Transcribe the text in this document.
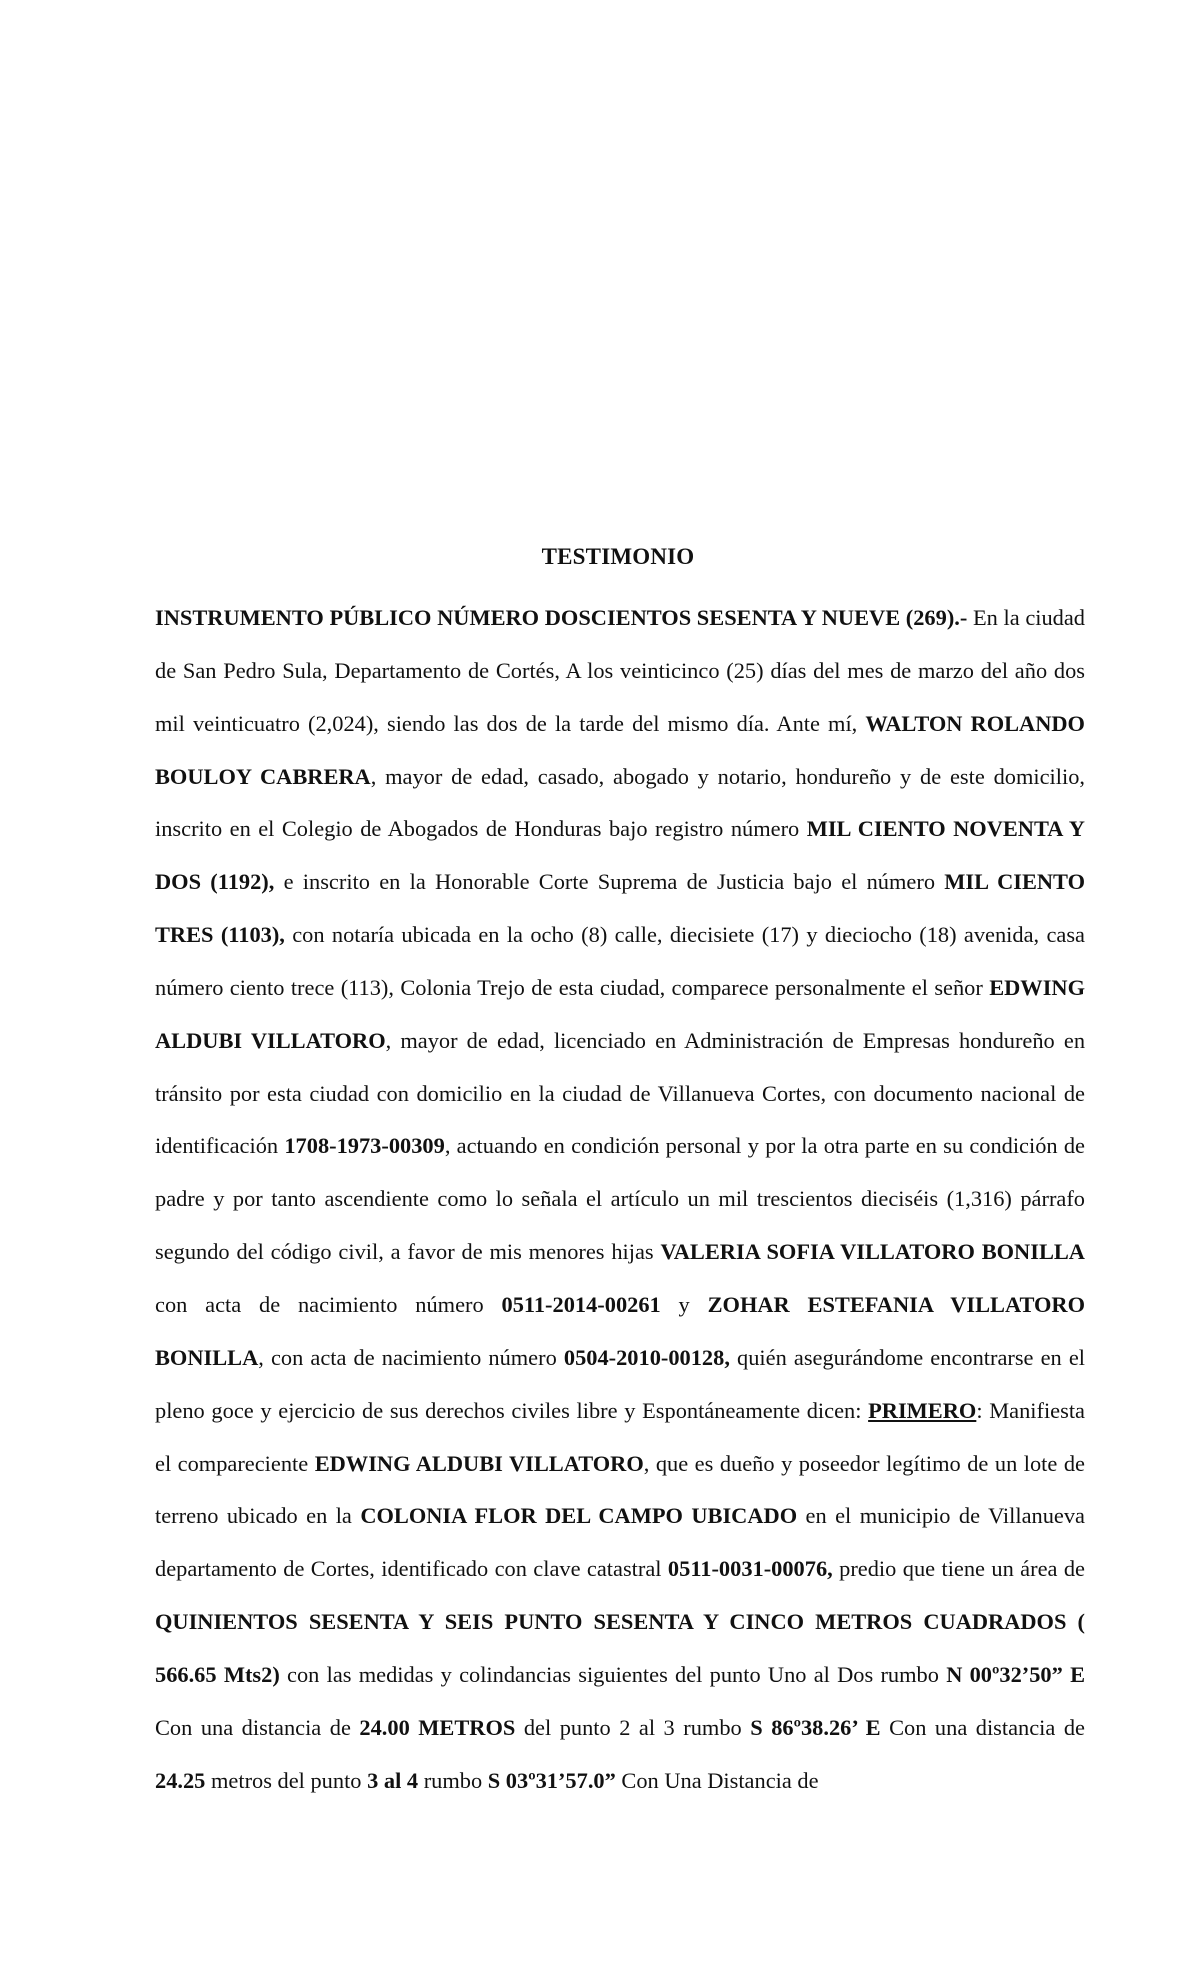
TESTIMONIO
INSTRUMENTO PÚBLICO NÚMERO DOSCIENTOS SESENTA Y NUEVE (269).- En la ciudad de San Pedro Sula, Departamento de Cortés, A los veinticinco (25) días del mes de marzo del año dos mil veinticuatro (2,024), siendo las dos de la tarde del mismo día. Ante mí, WALTON ROLANDO BOULOY CABRERA, mayor de edad, casado, abogado y notario, hondureño y de este domicilio, inscrito en el Colegio de Abogados de Honduras bajo registro número MIL CIENTO NOVENTA Y DOS (1192), e inscrito en la Honorable Corte Suprema de Justicia bajo el número MIL CIENTO TRES (1103), con notaría ubicada en la ocho (8) calle, diecisiete (17) y dieciocho (18) avenida, casa número ciento trece (113), Colonia Trejo de esta ciudad, comparece personalmente el señor EDWING ALDUBI VILLATORO, mayor de edad, licenciado en Administración de Empresas hondureño en tránsito por esta ciudad con domicilio en la ciudad de Villanueva Cortes, con documento nacional de identificación 1708-1973-00309, actuando en condición personal y por la otra parte en su condición de padre y por tanto ascendiente como lo señala el artículo un mil trescientos dieciséis (1,316) párrafo segundo del código civil, a favor de mis menores hijas VALERIA SOFIA VILLATORO BONILLA con acta de nacimiento número 0511-2014-00261 y ZOHAR ESTEFANIA VILLATORO BONILLA, con acta de nacimiento número 0504-2010-00128, quién asegurándome encontrarse en el pleno goce y ejercicio de sus derechos civiles libre y Espontáneamente dicen: PRIMERO: Manifiesta el compareciente EDWING ALDUBI VILLATORO, que es dueño y poseedor legítimo de un lote de terreno ubicado en la COLONIA FLOR DEL CAMPO UBICADO en el municipio de Villanueva departamento de Cortes, identificado con clave catastral 0511-0031-00076, predio que tiene un área de QUINIENTOS SESENTA Y SEIS PUNTO SESENTA Y CINCO METROS CUADRADOS ( 566.65 Mts2) con las medidas y colindancias siguientes del punto Uno al Dos rumbo N 00º32’50” E Con una distancia de 24.00 METROS del punto 2 al 3 rumbo S 86º38.26’ E Con una distancia de 24.25 metros del punto 3 al 4 rumbo S 03º31’57.0” Con Una Distancia de
